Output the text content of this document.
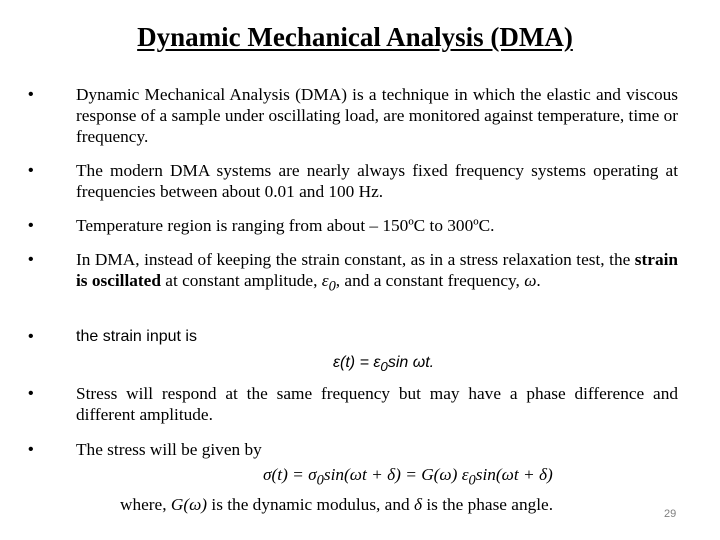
Dynamic Mechanical Analysis (DMA)
• Dynamic Mechanical Analysis (DMA) is a technique in which the elastic and viscous response of a sample under oscillating load, are monitored against temperature, time or frequency.
• The modern DMA systems are nearly always fixed frequency systems operating at frequencies between about 0.01 and 100 Hz.
• Temperature region is ranging from about – 150ºC to 300ºC.
• In DMA, instead of keeping the strain constant, as in a stress relaxation test, the strain is oscillated at constant amplitude, $\varepsilon_0$, and a constant frequency, ω.
•	the strain input is
$\varepsilon(t) = \varepsilon_0\sin$ ωt.
• Stress will respond at the same frequency but may have a phase difference and different amplitude.
• The stress will be given by
$\sigma(t) = \sigma_0\sin(\omega t + \delta) = G(\omega) \varepsilon_0\sin(\omega t + \delta)$
where, G(ω) is the dynamic modulus, and δ is the phase angle.	29
